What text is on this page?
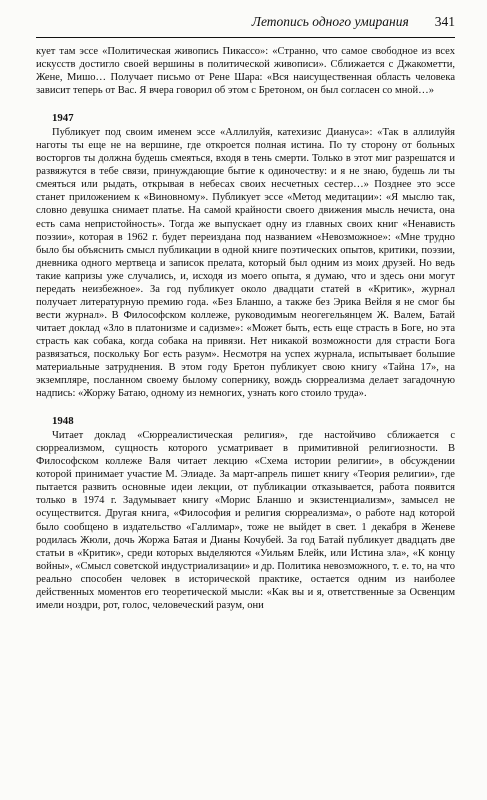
Летопись одного умирания 341

кует там эссе «Политическая живопись Пикассо»: «Странно, что самое свободное из всех искусств достигло своей вершины в политической живописи». Сближается с Джакометти, Жене, Мишо… Получает письмо от Рене Шара: «Вся наисущественная область человека зависит теперь от Вас. Я вчера говорил об этом с Бретоном, он был согласен со мной…»

1947

Публикует под своим именем эссе «Аллилуйя, катехизис Диануса»: «Так в аллилуйя наготы ты еще не на вершине, где откроется полная истина. По ту сторону от больных восторгов ты должна будешь смеяться, входя в тень смерти. Только в этот миг разрешатся и развяжутся в тебе связи, принуждающие бытие к одиночеству: и я не знаю, будешь ли ты смеяться или рыдать, открывая в небесах своих несчетных сестер…» Позднее это эссе станет приложением к «Виновному». Публикует эссе «Метод медитации»: «Я мыслю так, словно девушка снимает платье. На самой крайности своего движения мысль нечиста, она есть сама непристойность». Тогда же выпускает одну из главных своих книг «Ненависть поэзии», которая в 1962 г. будет переиздана под названием «Невозможное»: «Мне трудно было бы объяснить смысл публикации в одной книге поэтических опытов, критики, поэзии, дневника одного мертвеца и записок прелата, который был одним из моих друзей. Но ведь такие капризы уже случались, и, исходя из моего опыта, я думаю, что и здесь они могут передать неизбежное». За год публикует около двадцати статей в «Критик», журнал получает литературную премию года. «Без Бланшо, а также без Эрика Вейля я не смог бы вести журнал». В Философском коллеже, руководимым неогегельянцем Ж. Валем, Батай читает доклад «Зло в платонизме и садизме»: «Может быть, есть еще страсть в Боге, но эта страсть как собака, когда собака на привязи. Нет никакой возможности для страсти Бога развязаться, поскольку Бог есть разум». Несмотря на успех журнала, испытывает большие материальные затруднения. В этом году Бретон публикует свою книгу «Тайна 17», на экземпляре, посланном своему былому сопернику, вождь сюрреализма делает загадочную надпись: «Жоржу Батаю, одному из немногих, узнать кого стоило труда».

1948

Читает доклад «Сюрреалистическая религия», где настойчиво сближается с сюрреализмом, сущность которого усматривает в примитивной религиозности. В Философском коллеже Валя читает лекцию «Схема истории религии», в обсуждении которой принимает участие М. Элиаде. За март-апрель пишет книгу «Теория религии», где пытается развить основные идеи лекции, от публикации отказывается, работа появится только в 1974 г. Задумывает книгу «Морис Бланшо и экзистенциализм», замысел не осуществится. Другая книга, «Философия и религия сюрреализма», о работе над которой было сообщено в издательство «Галлимар», тоже не выйдет в свет. 1 декабря в Женеве родилась Жюли, дочь Жоржа Батая и Дианы Кочубей. За год Батай публикует двадцать две статьи в «Критик», среди которых выделяются «Уильям Блейк, или Истина зла», «К концу войны», «Смысл советской индустриализации» и др. Политика невозможного, т. е. то, на что реально способен человек в исторической практике, остается одним из наиболее действенных моментов его теоретической мысли: «Как вы и я, ответственные за Освенцим имели ноздри, рот, голос, человеческий разум, они
